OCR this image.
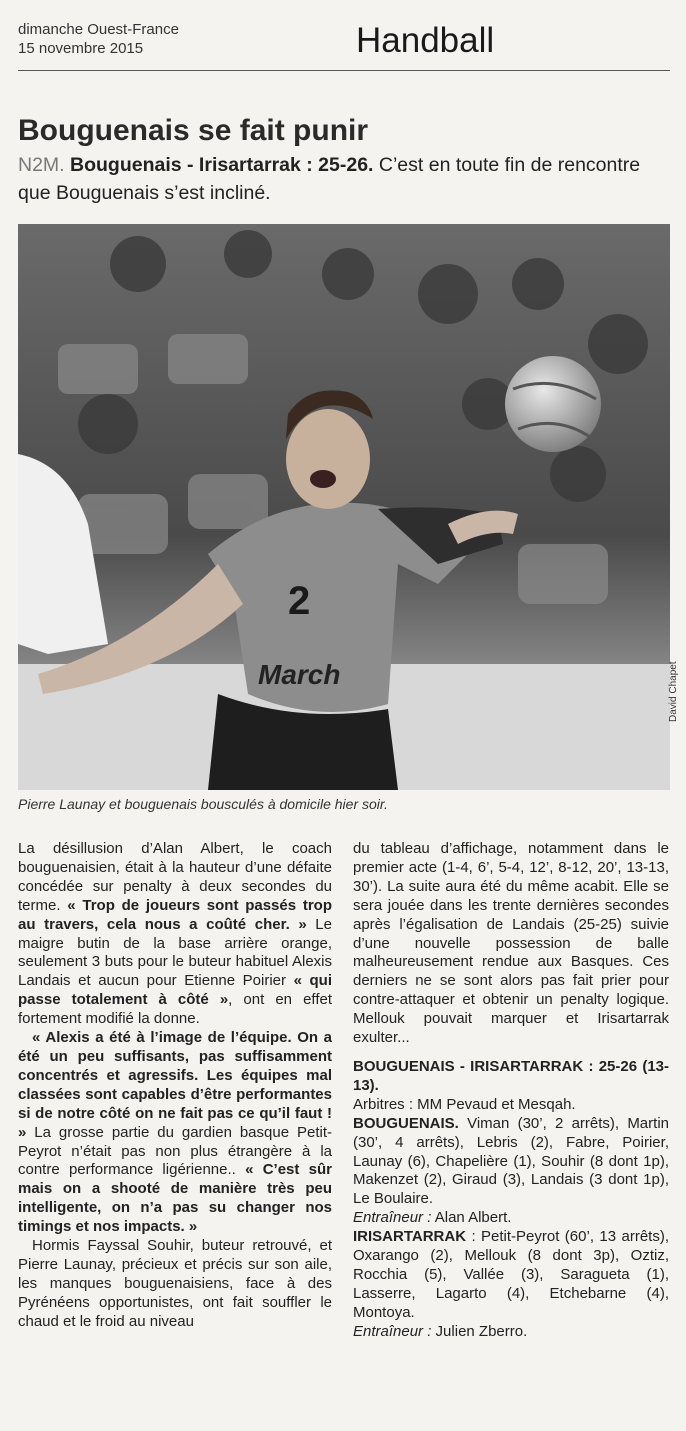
dimanche Ouest-France
15 novembre 2015	Handball
Bouguenais se fait punir
N2M. Bouguenais - Irisartarrak : 25-26. C’est en toute fin de rencontre que Bouguenais s’est incliné.
2
March	David Chapet
Pierre Launay et bouguenais bousculés à domicile hier soir.

La désillusion d’Alan Albert, le coach bouguenaisien, était à la hauteur d’une défaite concédée sur penalty à deux secondes du terme. « Trop de joueurs sont passés trop au travers, cela nous a coûté cher. » Le maigre butin de la base arrière orange, seulement 3 buts pour le buteur habituel Alexis Landais et aucun pour Etienne Poirier « qui passe totalement à côté », ont en effet fortement modifié la donne.

« Alexis a été à l’image de l’équipe. On a été un peu suffisants, pas suffisamment concentrés et agressifs. Les équipes mal classées sont capables d’être performantes si de notre côté on ne fait pas ce qu’il faut ! » La grosse partie du gardien basque Petit-Peyrot n’était pas non plus étrangère à la contre performance ligérienne.. « C’est sûr mais on a shooté de manière très peu intelligente, on n’a pas su changer nos timings et nos impacts. »

Hormis Fayssal Souhir, buteur retrouvé, et Pierre Launay, précieux et précis sur son aile, les manques bouguenaisiens, face à des Pyrénéens opportunistes, ont fait souffler le chaud et le froid au niveau

du tableau d’affichage, notamment dans le premier acte (1-4, 6’, 5-4, 12’, 8-12, 20’, 13-13, 30’). La suite aura été du même acabit. Elle se sera jouée dans les trente dernières secondes après l’égalisation de Landais (25-25) suivie d’une nouvelle possession de balle malheureusement rendue aux Basques. Ces derniers ne se sont alors pas fait prier pour contre-attaquer et obtenir un penalty logique. Mellouk pouvait marquer et Irisartarrak exulter...

BOUGUENAIS - IRISARTARRAK : 25-26 (13-13).

Arbitres : MM Pevaud et Mesqah.

BOUGUENAIS. Viman (30’, 2 arrêts), Martin (30’, 4 arrêts), Lebris (2), Fabre, Poirier, Launay (6), Chapelière (1), Souhir (8 dont 1p), Makenzet (2), Giraud (3), Landais (3 dont 1p), Le Boulaire.

Entraîneur : Alan Albert.

IRISARTARRAK : Petit-Peyrot (60’, 13 arrêts), Oxarango (2), Mellouk (8 dont 3p), Oztiz, Rocchia (5), Vallée (3), Saragueta (1), Lasserre, Lagarto (4), Etchebarne (4), Montoya.

Entraîneur : Julien Zberro.
